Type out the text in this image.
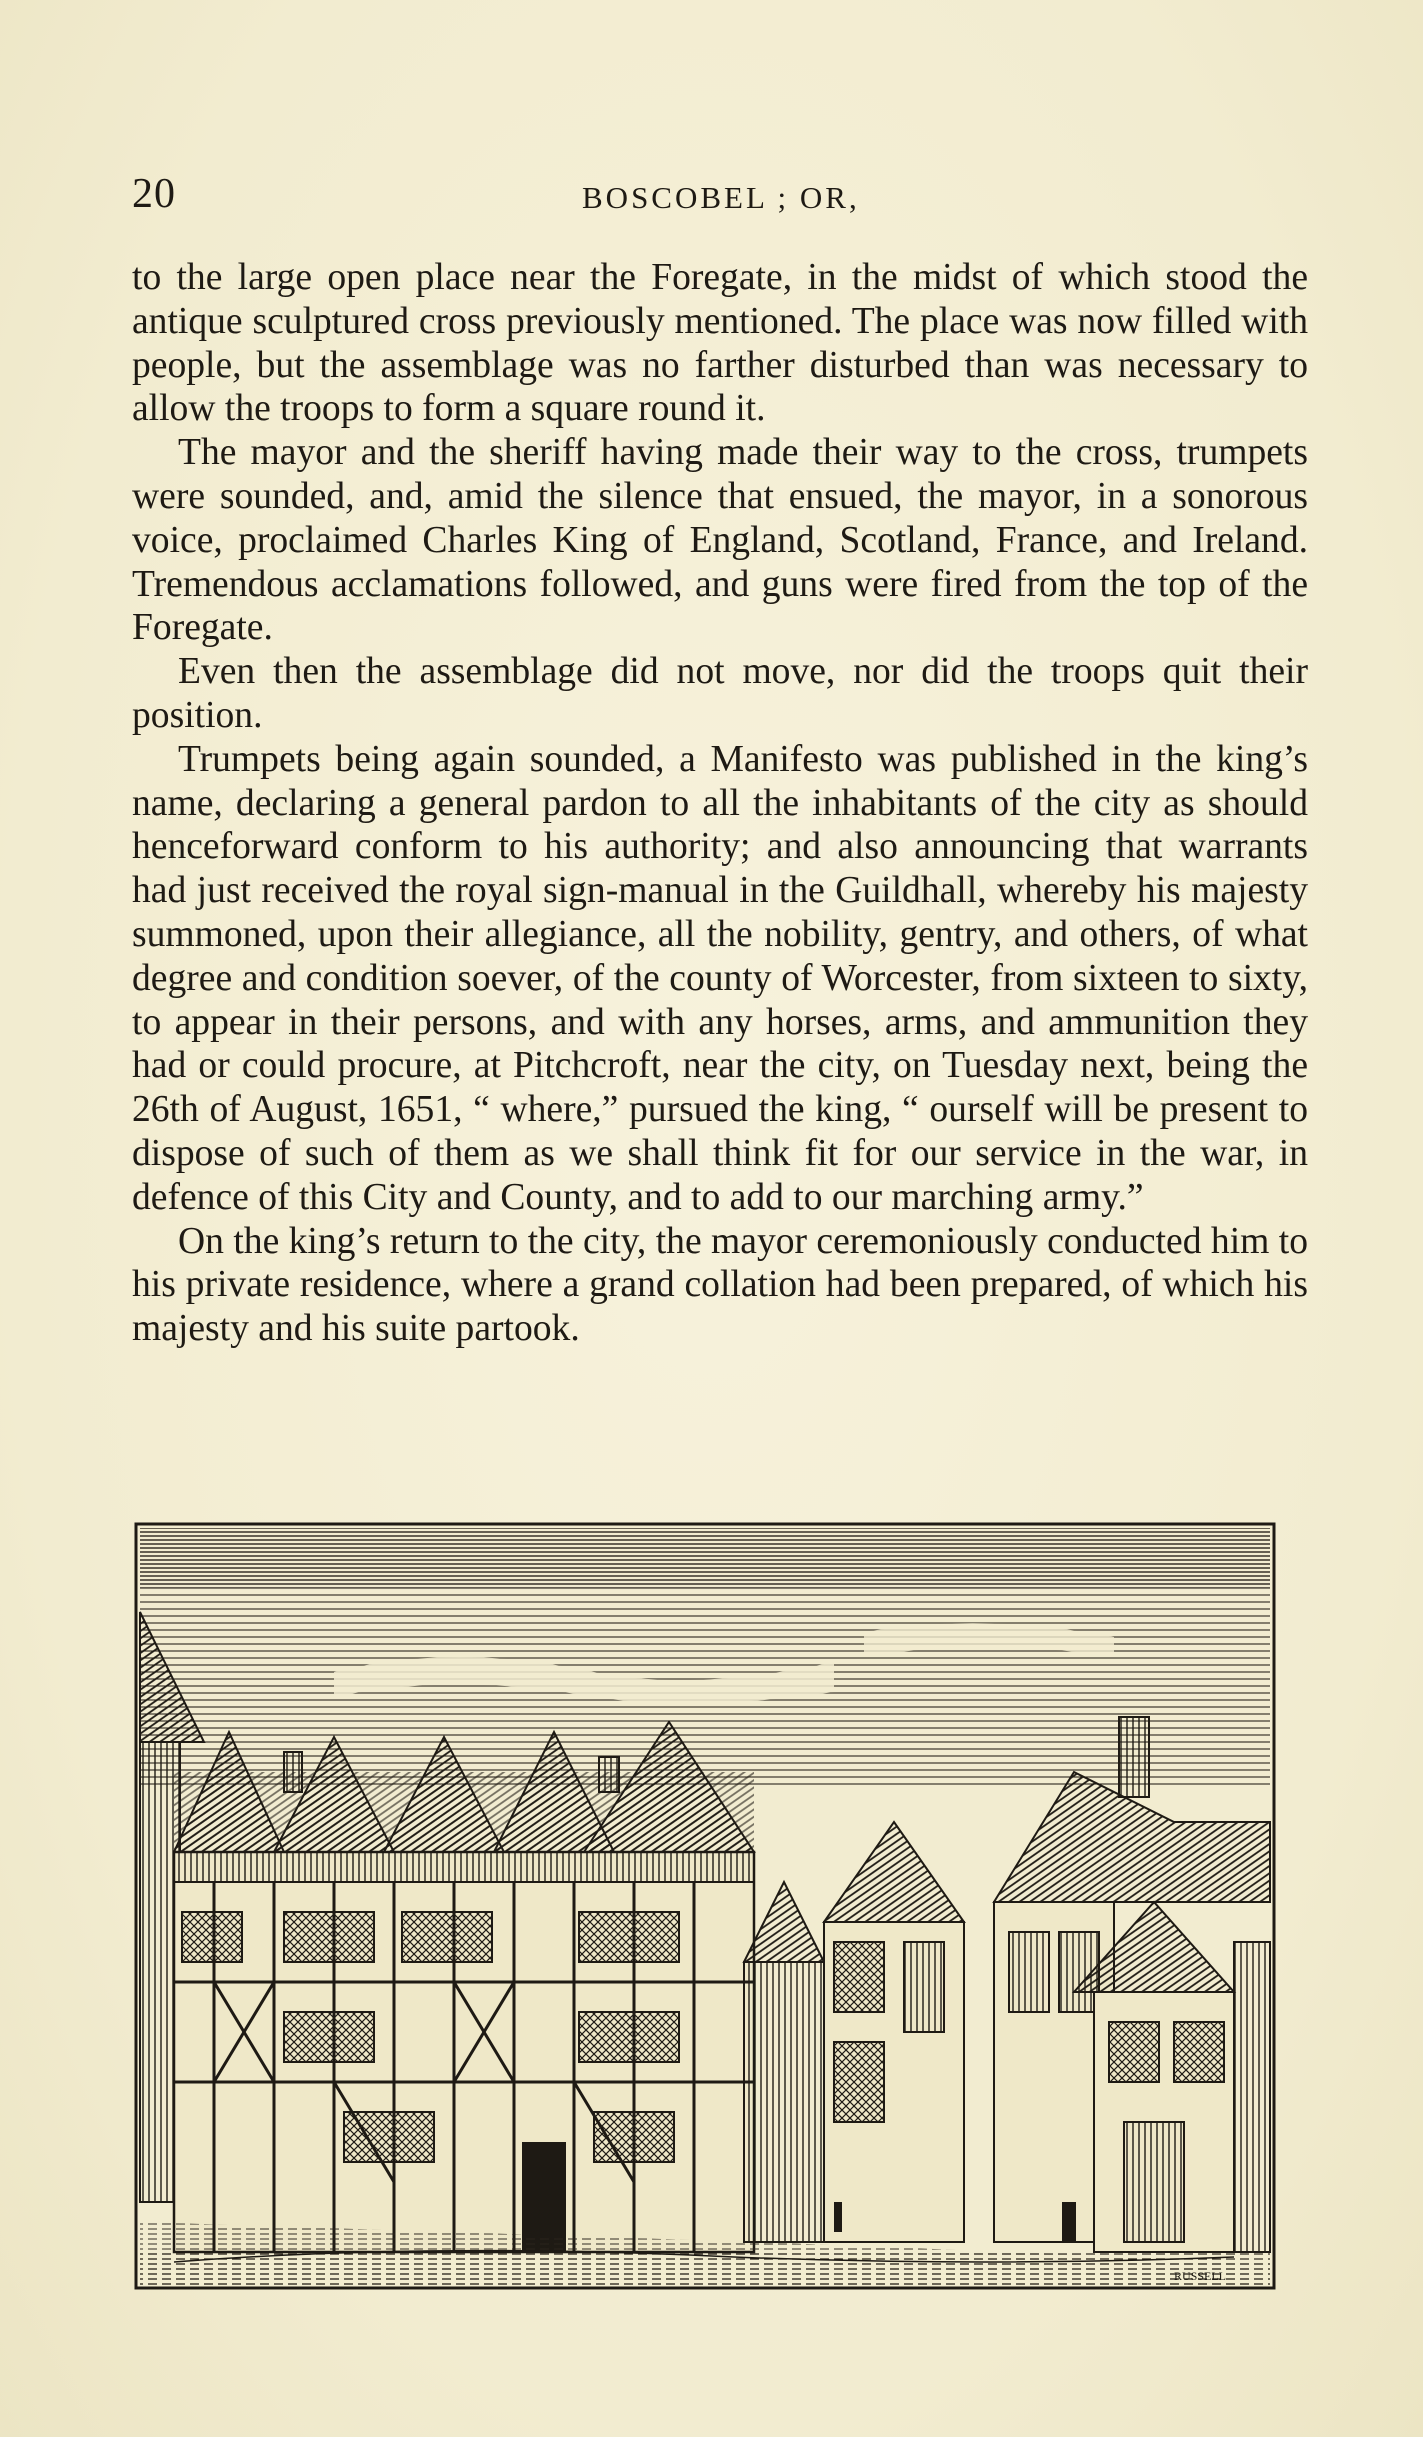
20	BOSCOBEL ; OR,

to the large open place near the Foregate, in the midst of which stood the antique sculptured cross previously mentioned. The place was now filled with people, but the assemblage was no farther disturbed than was necessary to allow the troops to form a square round it.

The mayor and the sheriff having made their way to the cross, trumpets were sounded, and, amid the silence that ensued, the mayor, in a sonorous voice, proclaimed Charles King of England, Scotland, France, and Ireland. Tremendous acclamations followed, and guns were fired from the top of the Foregate.

Even then the assemblage did not move, nor did the troops quit their position.

Trumpets being again sounded, a Manifesto was published in the king’s name, declaring a general pardon to all the inhabitants of the city as should henceforward conform to his authority; and also announcing that warrants had just received the royal sign-manual in the Guildhall, whereby his majesty summoned, upon their allegiance, all the nobility, gentry, and others, of what degree and condition soever, of the county of Worcester, from sixteen to sixty, to appear in their persons, and with any horses, arms, and ammunition they had or could procure, at Pitchcroft, near the city, on Tuesday next, being the 26th of August, 1651, “ where,” pursued the king, “ ourself will be present to dispose of such of them as we shall think fit for our service in the war, in defence of this City and County, and to add to our marching army.”

On the king’s return to the city, the mayor ceremoniously conducted him to his private residence, where a grand collation had been prepared, of which his majesty and his suite partook.

RUSSELL
